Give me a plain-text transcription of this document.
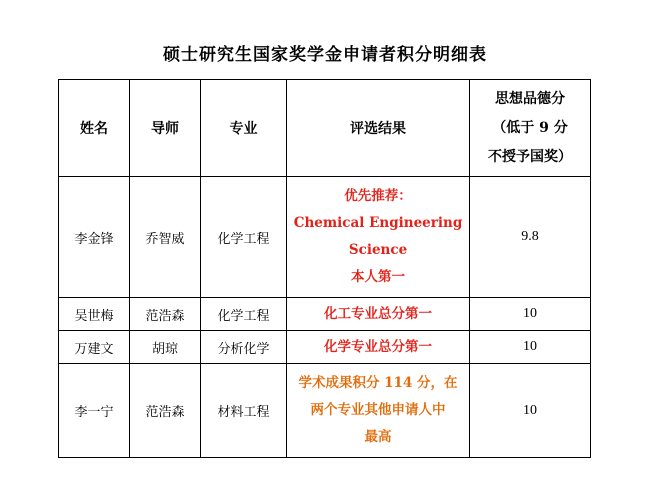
硕士研究生国家奖学金申请者积分明细表
姓名	导师	专业	评选结果	思想品德分
（低于 9 分
不授予国奖）

李金锋	乔智威	化学工程	优先推荐：
Chemical Engineering
Science
本人第一	9.8
吴世梅	范浩森	化学工程	化工专业总分第一	10
万建文	胡琼	分析化学	化学专业总分第一	10
李一宁	范浩森	材料工程	学术成果积分 114 分，在
两个专业其他申请人中
最高	10
